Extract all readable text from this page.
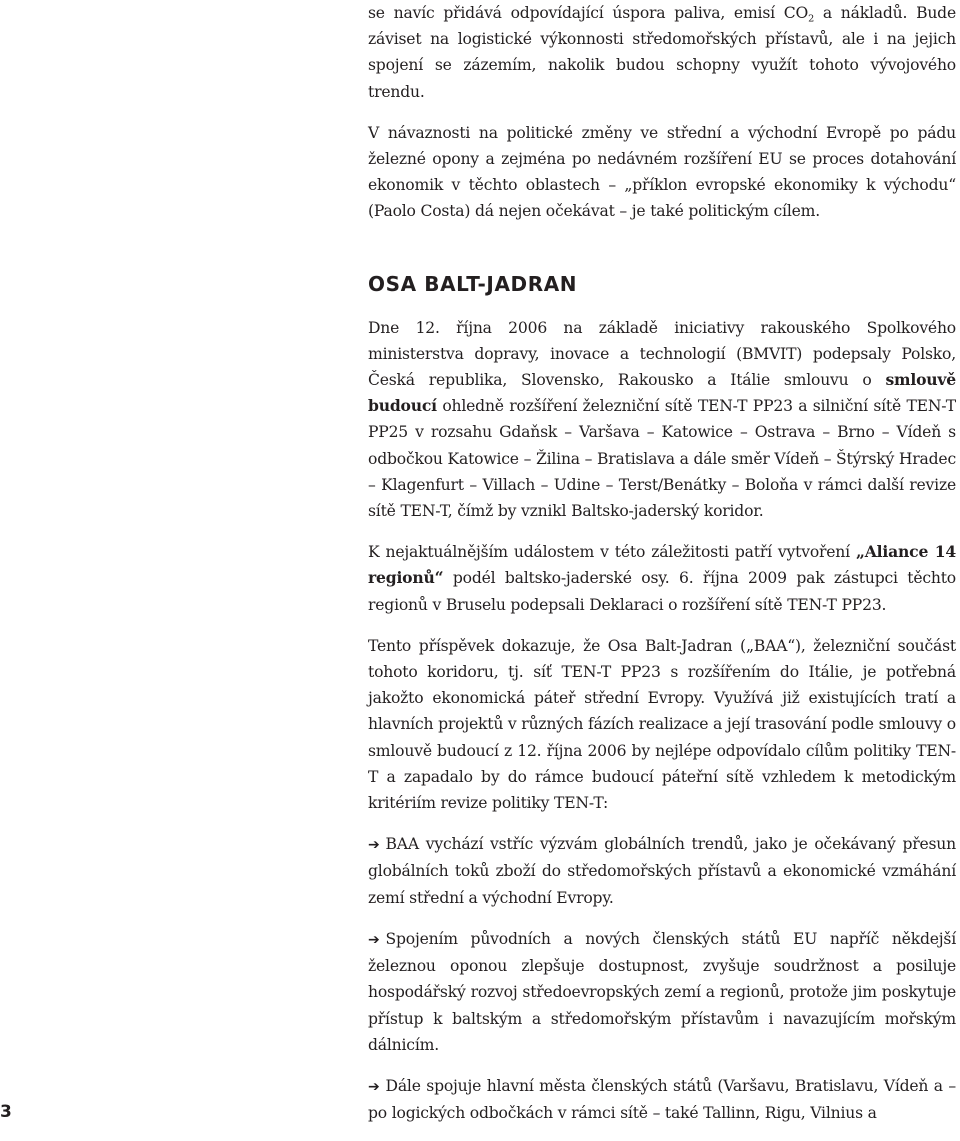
se navíc přidává odpovídající úspora paliva, emisí $CO_2$ a nákladů. Bude záviset na logistické výkonnosti středomořských přístavů, ale i na jejich spojení se zázemím, nakolik budou schopny využít tohoto vývojového trendu.

V návaznosti na politické změny ve střední a východní Evropě po pádu železné opony a zejména po nedávném rozšíření EU se proces dotahování ekonomik v těchto oblastech – „příklon evropské ekonomiky k východu“ (Paolo Costa) dá nejen očekávat – je také politickým cílem.

OSA BALT-JADRAN

Dne 12. října 2006 na základě iniciativy rakouského Spolkového ministerstva dopravy, inovace a technologií (BMVIT) podepsaly Polsko, Česká republika, Slovensko, Rakousko a Itálie smlouvu o smlouvě budoucí ohledně rozšíření železniční sítě TEN-T PP23 a silniční sítě TEN-T PP25 v rozsahu Gdaňsk – Varšava – Katowice – Ostrava – Brno – Vídeň s odbočkou Katowice – Žilina – Bratislava a dále směr Vídeň – Štýrský Hradec – Klagenfurt – Villach – Udine – Terst/Benátky – Boloňa v rámci další revize sítě TEN-T, čímž by vznikl Baltsko-jaderský koridor.

K nejaktuálnějším událostem v této záležitosti patří vytvoření „Aliance 14 regionů“ podél baltsko-jaderské osy. 6. října 2009 pak zástupci těchto regionů v Bruselu podepsali Deklaraci o rozšíření sítě TEN-T PP23.

Tento příspěvek dokazuje, že Osa Balt-Jadran („BAA“), železniční součást tohoto koridoru, tj. síť TEN-T PP23 s rozšířením do Itálie, je potřebná jakožto ekonomická páteř střední Evropy. Využívá již existujících tratí a hlavních projektů v různých fázích realizace a její trasování podle smlouvy o smlouvě budoucí z 12. října 2006 by nejlépe odpovídalo cílům politiky TEN-T a zapadalo by do rámce budoucí páteřní sítě vzhledem k metodickým kritériím revize politiky TEN-T:

➔ BAA vychází vstříc výzvám globálních trendů, jako je očekávaný přesun globálních toků zboží do středomořských přístavů a ekonomické vzmáhání zemí střední a východní Evropy.

➔ Spojením původních a nových členských států EU napříč někdejší železnou oponou zlepšuje dostupnost, zvyšuje soudržnost a posiluje hospodářský rozvoj středoevropských zemí a regionů, protože jim poskytuje přístup k baltským a středomořským přístavům i navazujícím mořským dálnicím.

➔ Dále spojuje hlavní města členských států (Varšavu, Bratislavu, Vídeň a – po logických odbočkách v rámci sítě – také Tallinn, Rigu, Vilnius a

3
